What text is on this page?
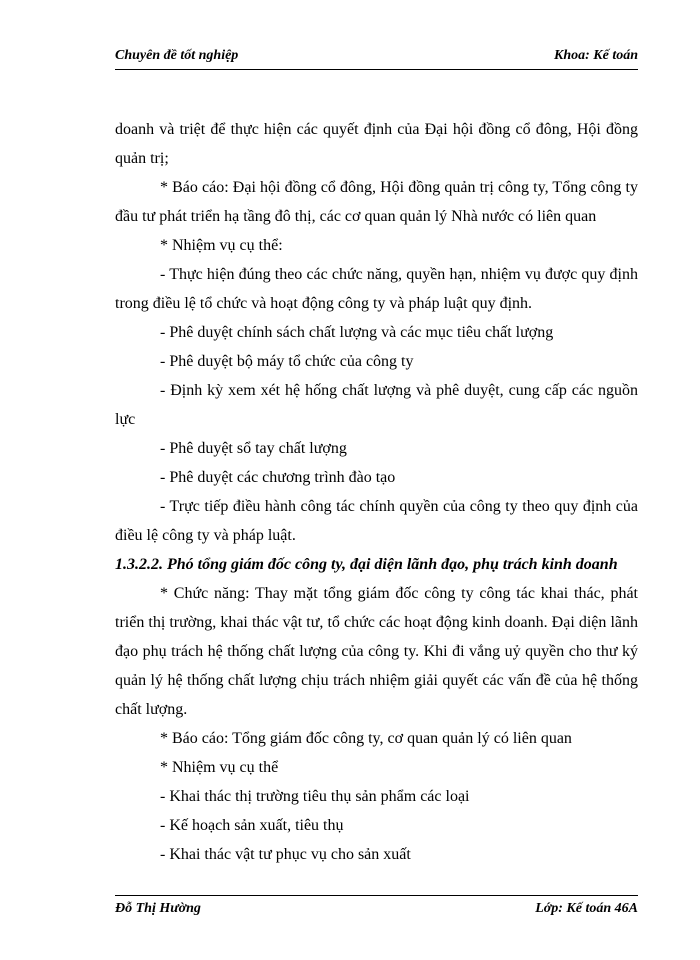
Chuyên đề tốt nghiệp	Khoa: Kế toán

doanh và triệt để thực hiện các quyết định của Đại hội đồng cổ đông, Hội đồng quản trị;

* Báo cáo: Đại hội đồng cổ đông, Hội đồng quản trị công ty, Tổng công ty đầu tư phát triển hạ tầng đô thị, các cơ quan quản lý Nhà nước có liên quan

* Nhiệm vụ cụ thể:

- Thực hiện đúng theo các chức năng, quyền hạn, nhiệm vụ được quy định trong điều lệ tổ chức và hoạt động công ty và pháp luật quy định.

- Phê duyệt chính sách chất lượng và các mục tiêu chất lượng

- Phê duyệt bộ máy tổ chức của công ty

- Định kỳ xem xét hệ hống chất lượng và phê duyệt, cung cấp các nguồn lực

- Phê duyệt sổ tay chất lượng

- Phê duyệt các chương trình đào tạo

- Trực tiếp điều hành công tác chính quyền của công ty theo quy định của điều lệ công ty và pháp luật.

1.3.2.2. Phó tổng giám đốc công ty, đại diện lãnh đạo, phụ trách kinh doanh

* Chức năng: Thay mặt tổng giám đốc công ty công tác khai thác, phát triển thị trường, khai thác vật tư, tổ chức các hoạt động kinh doanh. Đại diện lãnh đạo phụ trách hệ thống chất lượng của công ty. Khi đi vắng uỷ quyền cho thư ký quản lý hệ thống chất lượng chịu trách nhiệm giải quyết các vấn đề của hệ thống chất lượng.

* Báo cáo: Tổng giám đốc công ty, cơ quan quản lý có liên quan

* Nhiệm vụ cụ thể

- Khai thác thị trường tiêu thụ sản phẩm các loại

- Kế hoạch sản xuất, tiêu thụ

- Khai thác vật tư phục vụ cho sản xuất

Đỗ Thị Hường	Lớp: Kế toán 46A
